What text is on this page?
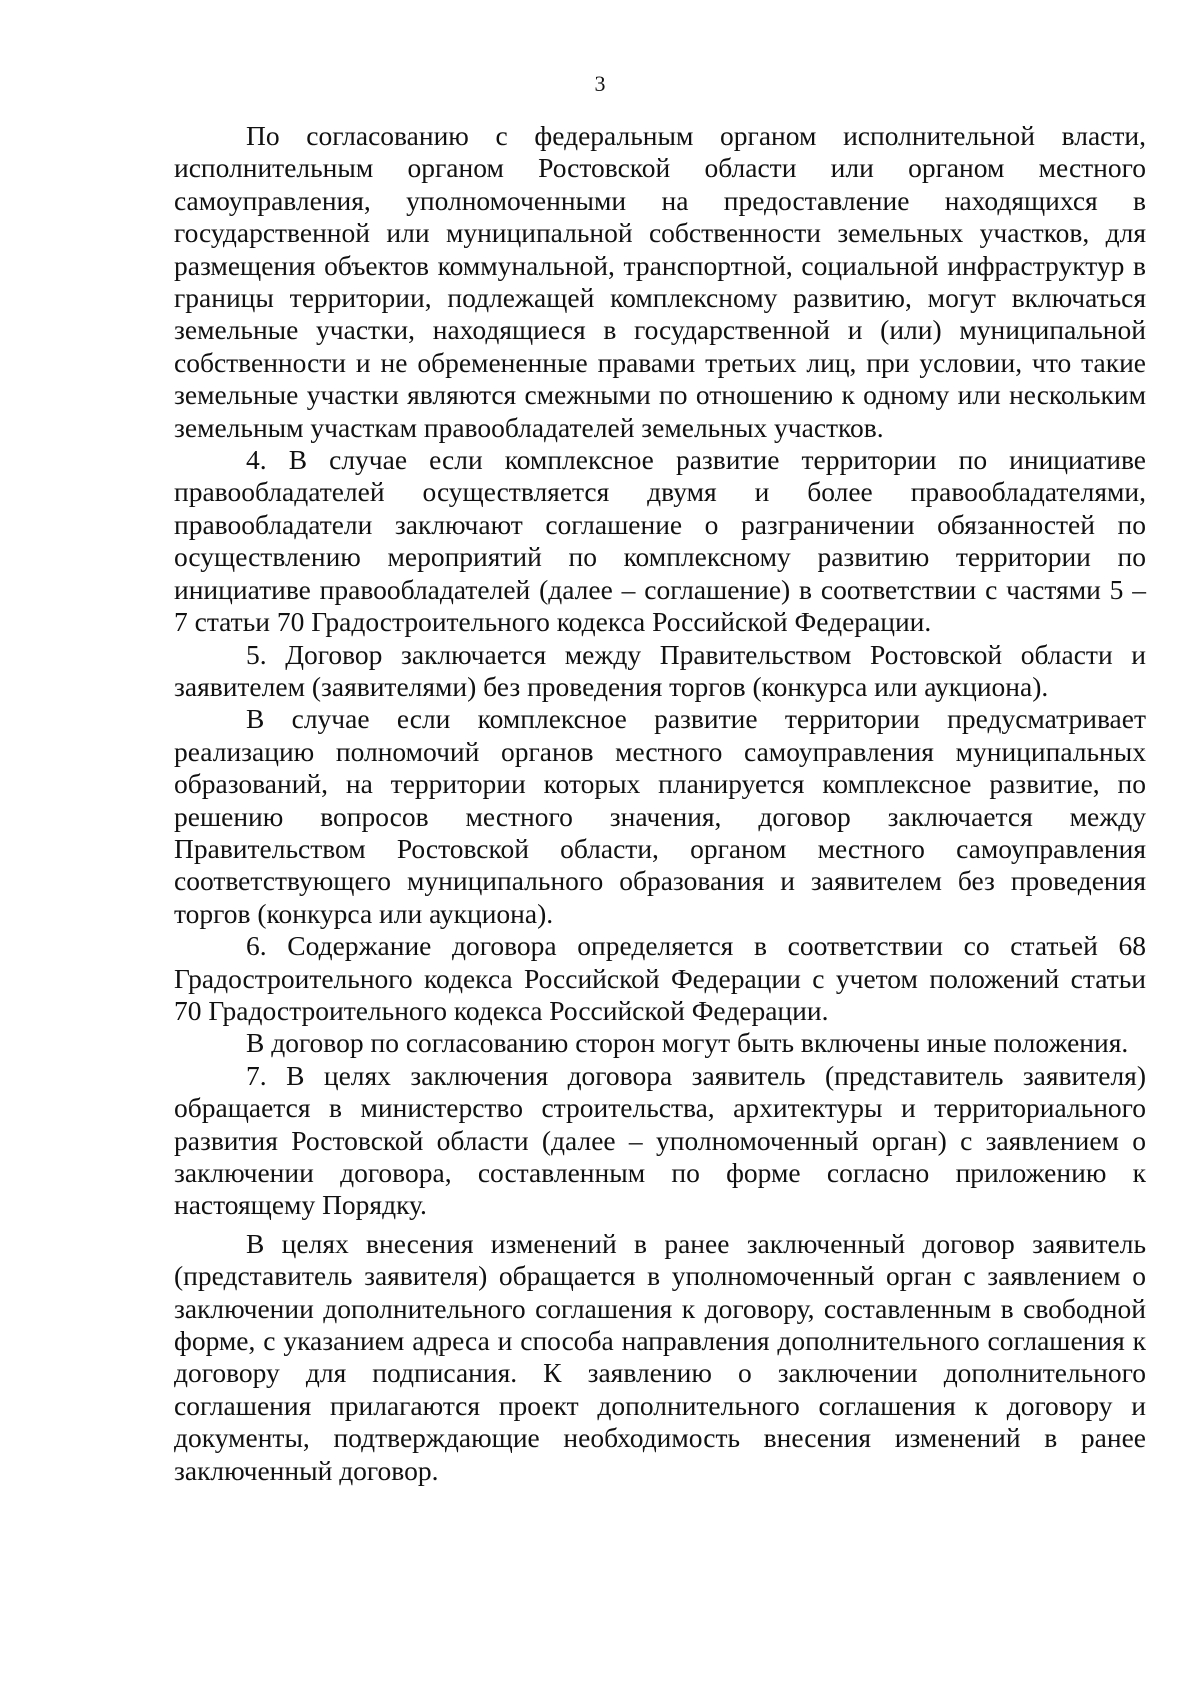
3

По согласованию с федеральным органом исполнительной власти, исполнительным органом Ростовской области или органом местного самоуправления, уполномоченными на предоставление находящихся в государственной или муниципальной собственности земельных участков, для размещения объектов коммунальной, транспортной, социальной инфраструктур в границы территории, подлежащей комплексному развитию, могут включаться земельные участки, находящиеся в государственной и (или) муниципальной собственности и не обремененные правами третьих лиц, при условии, что такие земельные участки являются смежными по отношению к одному или нескольким земельным участкам правообладателей земельных участков.

4. В случае если комплексное развитие территории по инициативе правообладателей осуществляется двумя и более правообладателями, правообладатели заключают соглашение о разграничении обязанностей по осуществлению мероприятий по комплексному развитию территории по инициативе правообладателей (далее – соглашение) в соответствии с частями 5 – 7 статьи 70 Градостроительного кодекса Российской Федерации.

5. Договор заключается между Правительством Ростовской области и заявителем (заявителями) без проведения торгов (конкурса или аукциона).

В случае если комплексное развитие территории предусматривает реализацию полномочий органов местного самоуправления муниципальных образований, на территории которых планируется комплексное развитие, по решению вопросов местного значения, договор заключается между Правительством Ростовской области, органом местного самоуправления соответствующего муниципального образования и заявителем без проведения торгов (конкурса или аукциона).

6. Содержание договора определяется в соответствии со статьей 68 Градостроительного кодекса Российской Федерации с учетом положений статьи 70 Градостроительного кодекса Российской Федерации.

В договор по согласованию сторон могут быть включены иные положения.

7. В целях заключения договора заявитель (представитель заявителя) обращается в министерство строительства, архитектуры и территориального развития Ростовской области (далее – уполномоченный орган) с заявлением о заключении договора, составленным по форме согласно приложению к настоящему Порядку.

В целях внесения изменений в ранее заключенный договор заявитель (представитель заявителя) обращается в уполномоченный орган с заявлением о заключении дополнительного соглашения к договору, составленным в свободной форме, с указанием адреса и способа направления дополнительного соглашения к договору для подписания. К заявлению о заключении дополнительного соглашения прилагаются проект дополнительного соглашения к договору и документы, подтверждающие необходимость внесения изменений в ранее заключенный договор.
